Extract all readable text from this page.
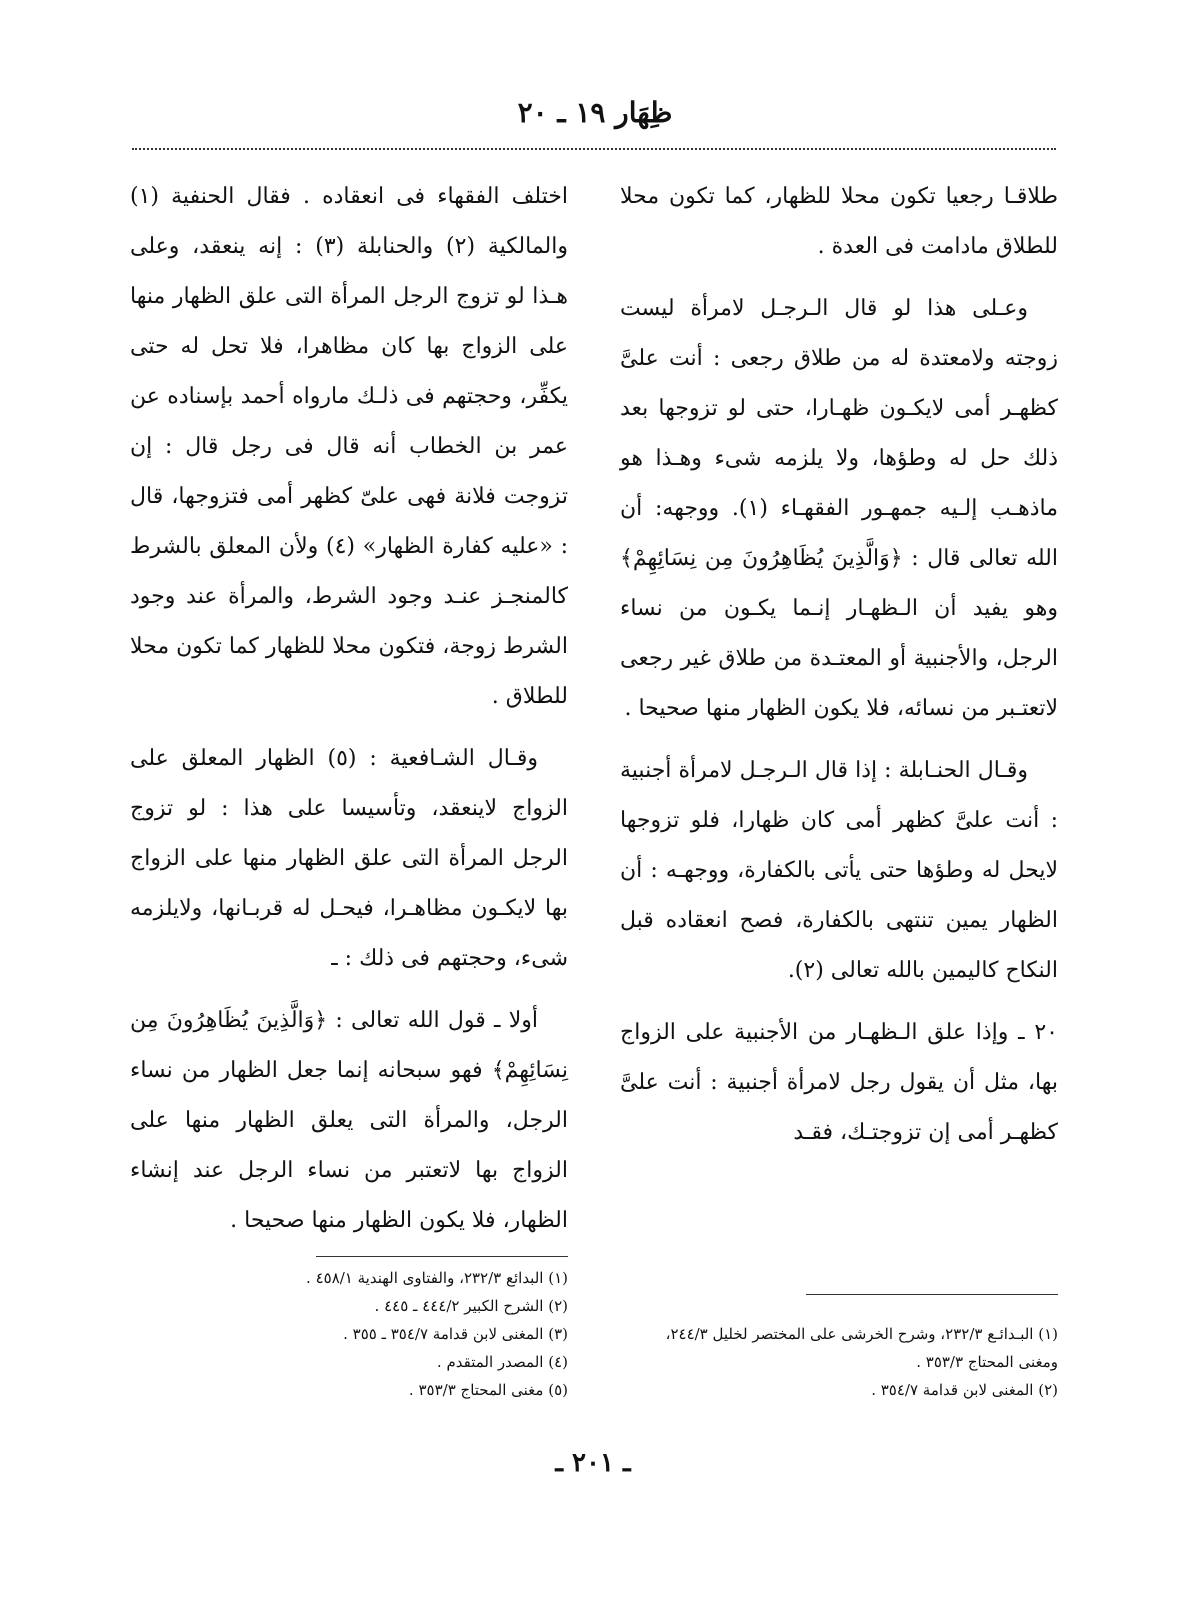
ظِهَار ١٩ ـ ٢٠

طلاقـا رجعيا تكون محلا للظهار، كما تكون محلا للطلاق مادامت فى العدة .

وعـلى هذا لو قال الـرجـل لامرأة ليست زوجته ولامعتدة له من طلاق رجعى : أنت علىَّ كظهـر أمى لايكـون ظهـارا، حتى لو تزوجها بعد ذلك حل له وطؤها، ولا يلزمه شىء وهـذا هو ماذهـب إلـيه جمهـور الفقهـاء (١). ووجهه: أن الله تعالى قال : ﴿وَالَّذِينَ يُظَاهِرُونَ مِن نِسَائِهِمْ﴾ وهو يفيد أن الـظهـار إنـما يكـون من نساء الرجل، والأجنبية أو المعتـدة من طلاق غير رجعى لاتعتـبر من نسائه، فلا يكون الظهار منها صحيحا .

وقـال الحنـابلة : إذا قال الـرجـل لامرأة أجنبية : أنت علىَّ كظهر أمى كان ظهارا، فلو تزوجها لايحل له وطؤها حتى يأتى بالكفارة، ووجهـه : أن الظهار يمين تنتهى بالكفارة، فصح انعقاده قبل النكاح كاليمين بالله تعالى (٢).

٢٠ ـ وإذا علق الـظهـار من الأجنبية على الزواج بها، مثل أن يقول رجل لامرأة أجنبية : أنت علىَّ كظهـر أمى إن تزوجتـك، فقـد

اختلف الفقهاء فى انعقاده . فقال الحنفية (١) والمالكية (٢) والحنابلة (٣) : إنه ينعقد، وعلى هـذا لو تزوج الرجل المرأة التى علق الظهار منها على الزواج بها كان مظاهرا، فلا تحل له حتى يكفِّر، وحجتهم فى ذلـك مارواه أحمد بإسناده عن عمر بن الخطاب أنه قال فى رجل قال : إن تزوجت فلانة فهى علىّ كظهر أمى فتزوجها، قال : «عليه كفارة الظهار» (٤) ولأن المعلق بالشرط كالمنجـز عنـد وجود الشرط، والمرأة عند وجود الشرط زوجة، فتكون محلا للظهار كما تكون محلا للطلاق .

وقـال الشـافعية : (٥) الظهار المعلق على الزواج لاينعقد، وتأسيسا على هذا : لو تزوج الرجل المرأة التى علق الظهار منها على الزواج بها لايكـون مظاهـرا، فيحـل له قربـانها، ولايلزمه شىء، وحجتهم فى ذلك : ـ

أولا ـ قول الله تعالى : ﴿وَالَّذِينَ يُظَاهِرُونَ مِن نِسَائِهِمْ﴾ فهو سبحانه إنما جعل الظهار من نساء الرجل، والمرأة التى يعلق الظهار منها على الزواج بها لاتعتبر من نساء الرجل عند إنشاء الظهار، فلا يكون الظهار منها صحيحا .

(١) البـدائـع ٢٣٢/٣، وشرح الخرشى على المختصر لخليل ٢٤٤/٣، ومغنى المحتاج ٣٥٣/٣ .
(٢) المغنى لابن قدامة ٣٥٤/٧ .
(١) البدائع ٢٣٢/٣، والفتاوى الهندية ٤٥٨/١ .
(٢) الشرح الكبير ٤٤٤/٢ ـ ٤٤٥ .
(٣) المغنى لابن قدامة ٣٥٤/٧ ـ ٣٥٥ .
(٤) المصدر المتقدم .
(٥) مغنى المحتاج ٣٥٣/٣ .
ـ ٢٠١ ـ
